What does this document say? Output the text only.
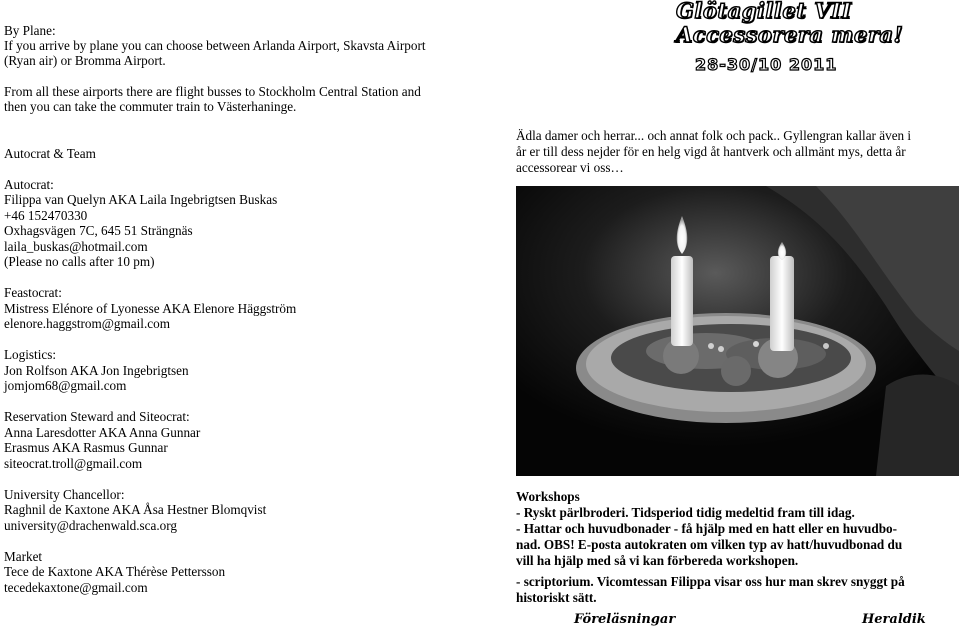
By Plane:
If you arrive by plane you can choose between Arlanda Airport, Skavsta Airport
(Ryan air) or Bromma Airport.
From all these airports there are flight busses to Stockholm Central Station and
then you can take the commuter train to Västerhaninge.
Autocrat & Team
Autocrat:
Filippa van Quelyn AKA Laila Ingebrigtsen Buskas
+46 152470330
Oxhagsvägen 7C, 645 51 Strängnäs
laila_buskas@hotmail.com
(Please no calls after 10 pm)
Feastocrat:
Mistress Elénore of Lyonesse AKA Elenore Häggström
elenore.haggstrom@gmail.com
Logistics:
Jon Rolfson AKA Jon Ingebrigtsen
jomjom68@gmail.com
Reservation Steward and Siteocrat:
Anna Laresdotter AKA Anna Gunnar
Erasmus AKA Rasmus Gunnar
siteocrat.troll@gmail.com
University Chancellor:
Raghnil de Kaxtone AKA Åsa Hestner Blomqvist
university@drachenwald.sca.org
Market
Tece de Kaxtone AKA Thérèse Pettersson
tecedekaxtone@gmail.com
Glötagillet VII
Accessorera mera!
28-30/10 2011
Ädla damer och herrar... och annat folk och pack.. Gyllengran kallar även i
år er till dess nejder för en helg vigd åt hantverk och allmänt mys, detta år
accessorear vi oss…
Workshops
- Ryskt pärlbroderi. Tidsperiod tidig medeltid fram till idag.
- Hattar och huvudbonader - få hjälp med en hatt eller en huvudbo-
nad. OBS! E-posta autokraten om vilken typ av hatt/huvudbonad du
vill ha hjälp med så vi kan förbereda workshopen.
- scriptorium. Vicomtessan Filippa visar oss hur man skrev snyggt på
historiskt sätt.
Föreläsningar	Heraldik
